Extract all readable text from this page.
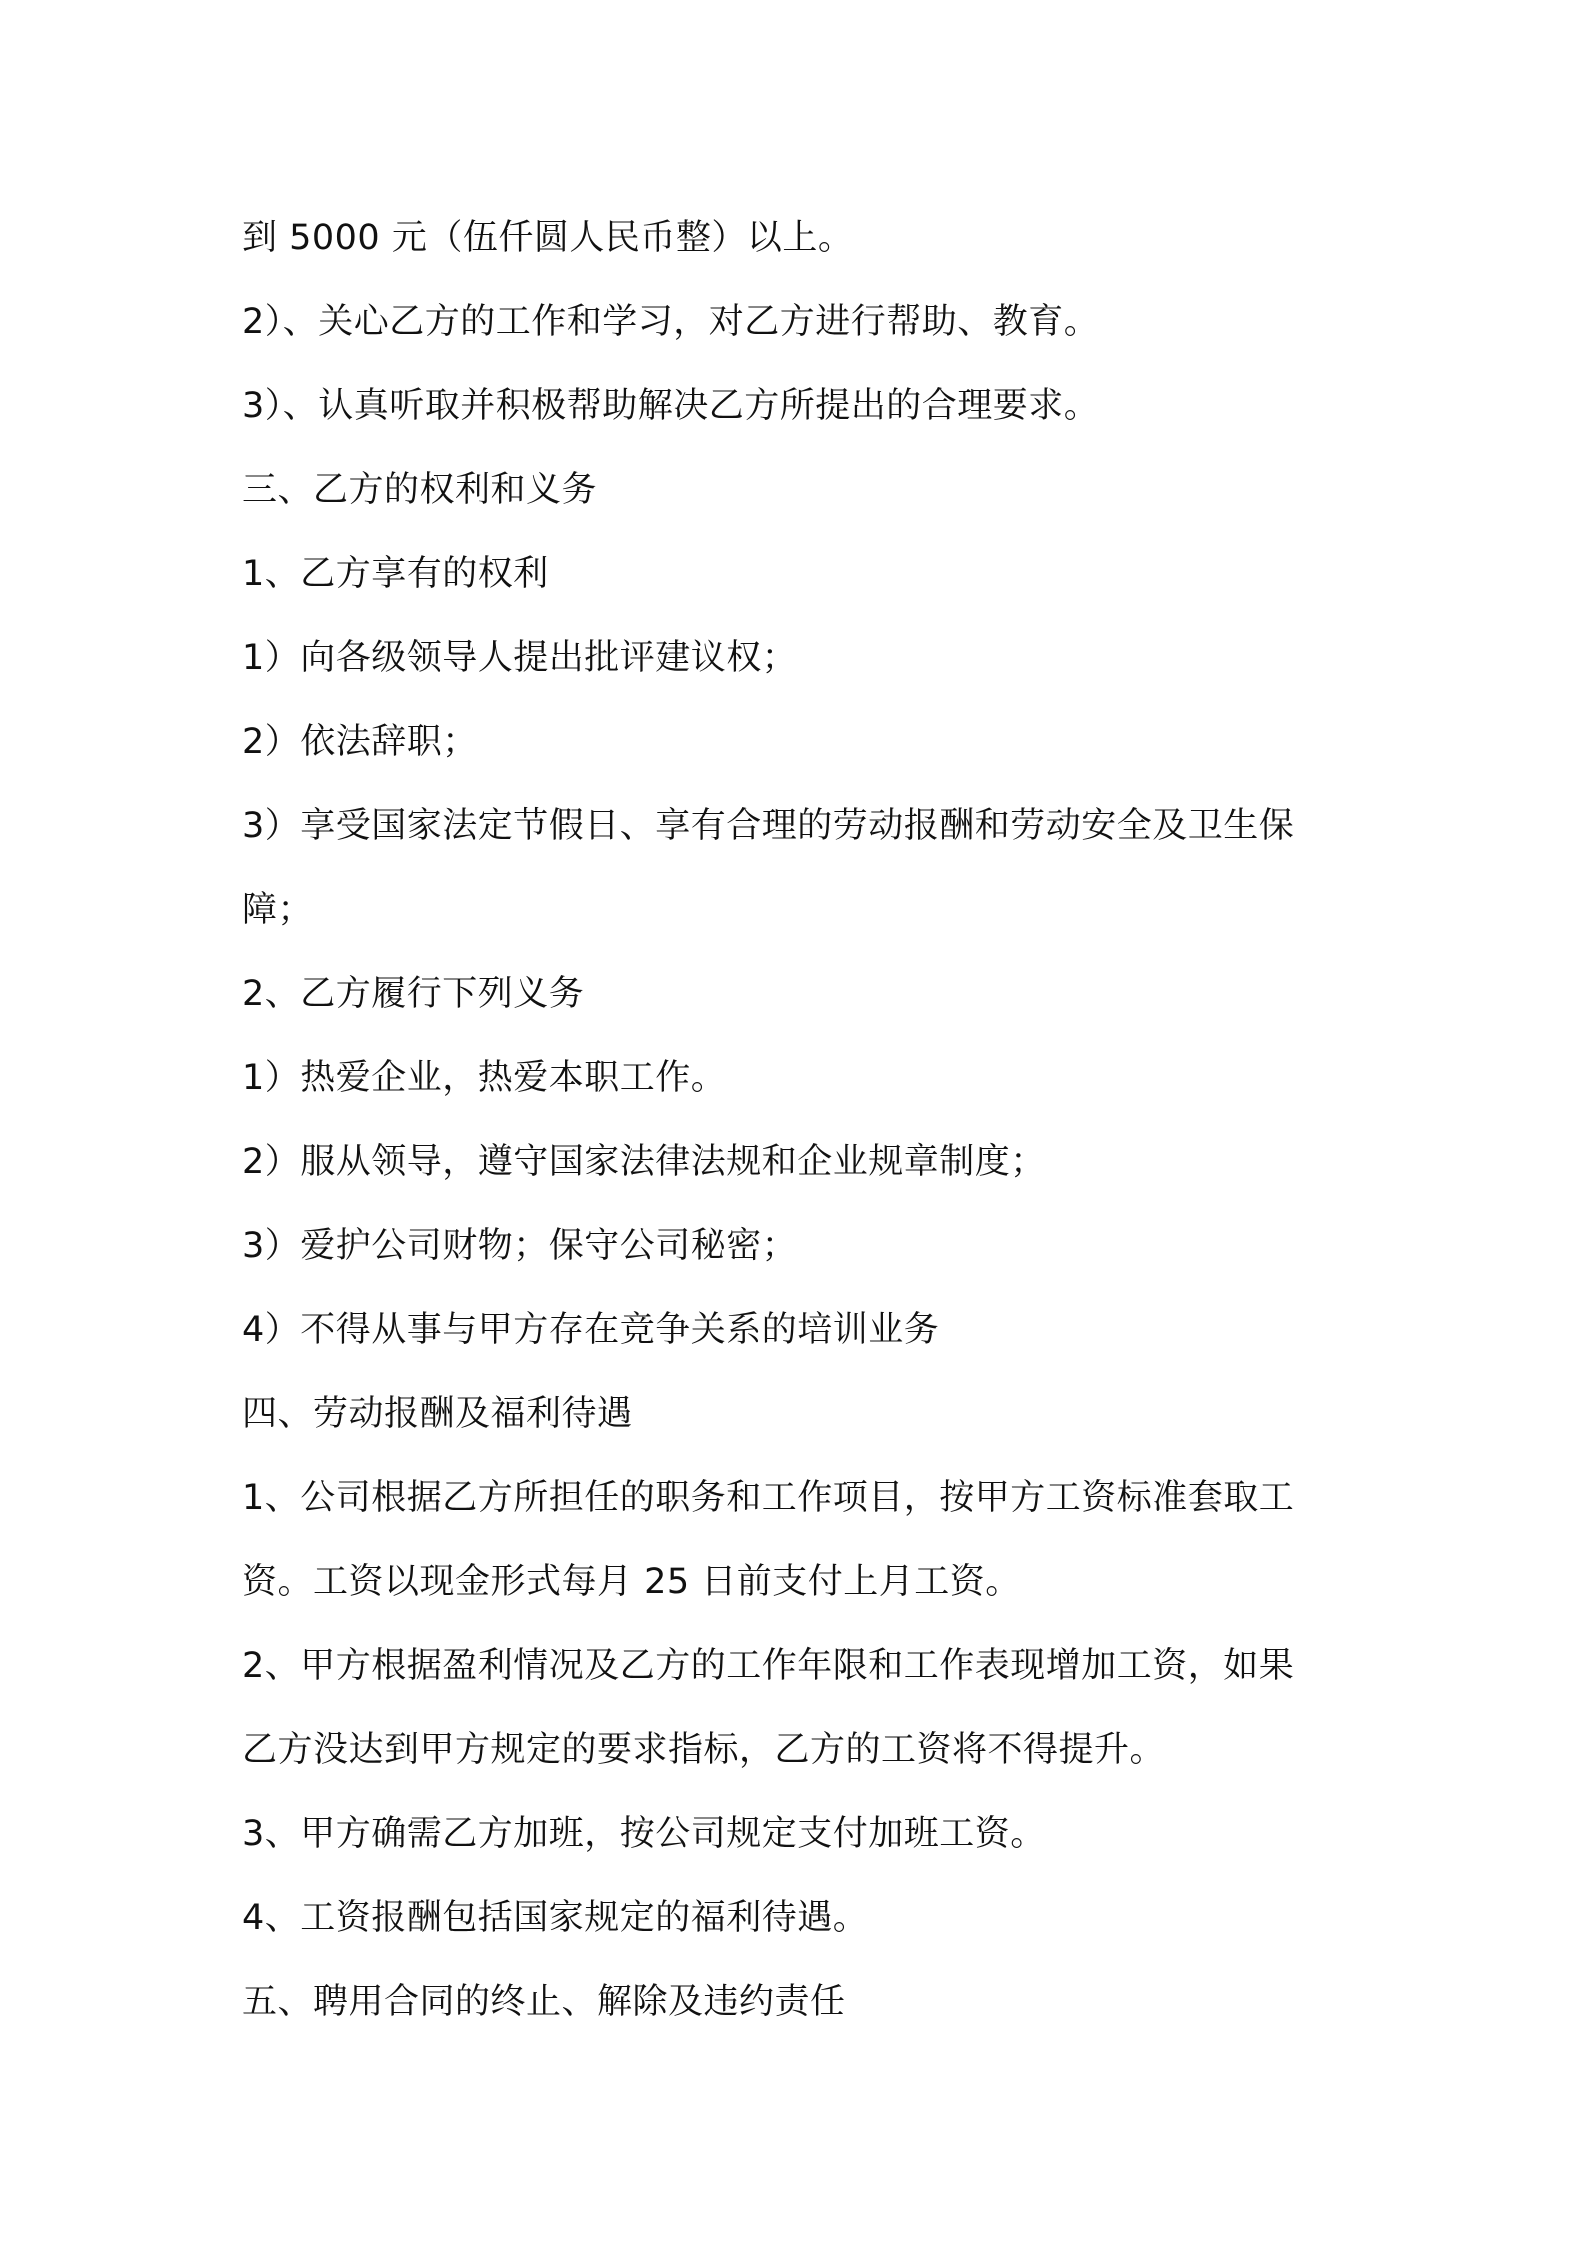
到 5000 元（伍仟圆人民币整）以上。
2）、关心乙方的工作和学习，对乙方进行帮助、教育。
3）、认真听取并积极帮助解决乙方所提出的合理要求。
三、乙方的权利和义务
1、乙方享有的权利
1）向各级领导人提出批评建议权；
2）依法辞职；
3）享受国家法定节假日、享有合理的劳动报酬和劳动安全及卫生保
障；
2、乙方履行下列义务
1）热爱企业，热爱本职工作。
2）服从领导，遵守国家法律法规和企业规章制度；
3）爱护公司财物；保守公司秘密；
4）不得从事与甲方存在竞争关系的培训业务
四、劳动报酬及福利待遇
1、公司根据乙方所担任的职务和工作项目，按甲方工资标准套取工
资。工资以现金形式每月 25 日前支付上月工资。
2、甲方根据盈利情况及乙方的工作年限和工作表现增加工资，如果
乙方没达到甲方规定的要求指标，乙方的工资将不得提升。
3、甲方确需乙方加班，按公司规定支付加班工资。
4、工资报酬包括国家规定的福利待遇。
五、聘用合同的终止、解除及违约责任
